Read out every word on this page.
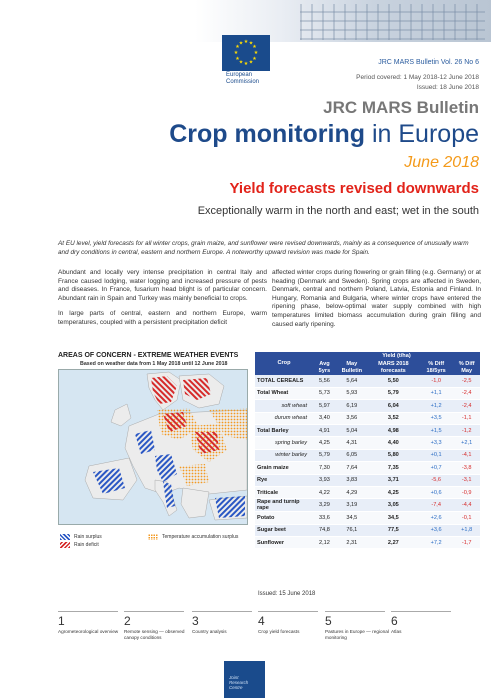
★ ★
★
★
★
★
★
★
★
★
★
★
European
Commission
JRC MARS Bulletin Vol. 26 No 6
Period covered: 1 May 2018-12 June 2018
Issued: 18 June 2018
JRC MARS Bulletin
Crop monitoring in Europe
June 2018
Yield forecasts revised downwards
Exceptionally warm in the north and east; wet in the south
At EU level, yield forecasts for all winter crops, grain maize, and sunflower were revised downwards, mainly as a consequence of unusually warm and dry conditions in central, eastern and northern Europe. A noteworthy upward revision was made for Spain.

Abundant and locally very intense precipitation in central Italy and France caused lodging, water logging and increased pressure of pests and diseases. In France, fusarium head blight is of particular concern. Abundant rain in Spain and Turkey was mainly beneficial to crops.

In large parts of central, eastern and northern Europe, warm temperatures, coupled with a persistent precipitation deficit

affected winter crops during flowering or grain filling (e.g. Germany) or at heading (Denmark and Sweden). Spring crops are affected in Sweden, Denmark, central and northern Poland, Latvia, Estonia and Finland. In Hungary, Romania and Bulgaria, where winter crops have entered the ripening phase, below-optimal water supply combined with high temperatures limited biomass accumulation during grain filling and caused early ripening.

AREAS OF CONCERN - EXTREME WEATHER EVENTS
Based on weather data from 1 May 2018 until 12 June 2018
Rain surplus
Rain deficit
Temperature accumulation surplus
Crop	Yield (t/ha)				
	Avg 5yrs	May Bulletin	MARS 2018 forecasts	% Diff 18/5yrs	% Diff May
TOTAL CEREALS	5,56	5,64	5,50	-1,0	-2,5
Total Wheat	5,73	5,93	5,79	+1,1	-2,4
soft wheat	5,97	6,19	6,04	+1,2	-2,4
durum wheat	3,40	3,56	3,52	+3,5	-1,1
Total Barley	4,91	5,04	4,98	+1,5	-1,2
spring barley	4,25	4,31	4,40	+3,3	+2,1
winter barley	5,79	6,05	5,80	+0,1	-4,1
Grain maize	7,30	7,64	7,35	+0,7	-3,8
Rye	3,93	3,83	3,71	-5,6	-3,1
Triticale	4,22	4,29	4,25	+0,6	-0,9
Rape and turnip rape	3,29	3,19	3,05	-7,4	-4,4
Potato	33,6	34,5	34,5	+2,6	-0,1
Sugar beet	74,8	76,1	77,5	+3,6	+1,8
Sunflower	2,12	2,31	2,27	+7,2	-1,7
Issued: 15 June 2018
1
Agrometeorological overview
2
Remote sensing — observed canopy conditions
3
Country analysis
4
Crop yield forecasts
5
Pastures in Europe — regional monitoring
6
Atlas
Joint
Research
Centre
